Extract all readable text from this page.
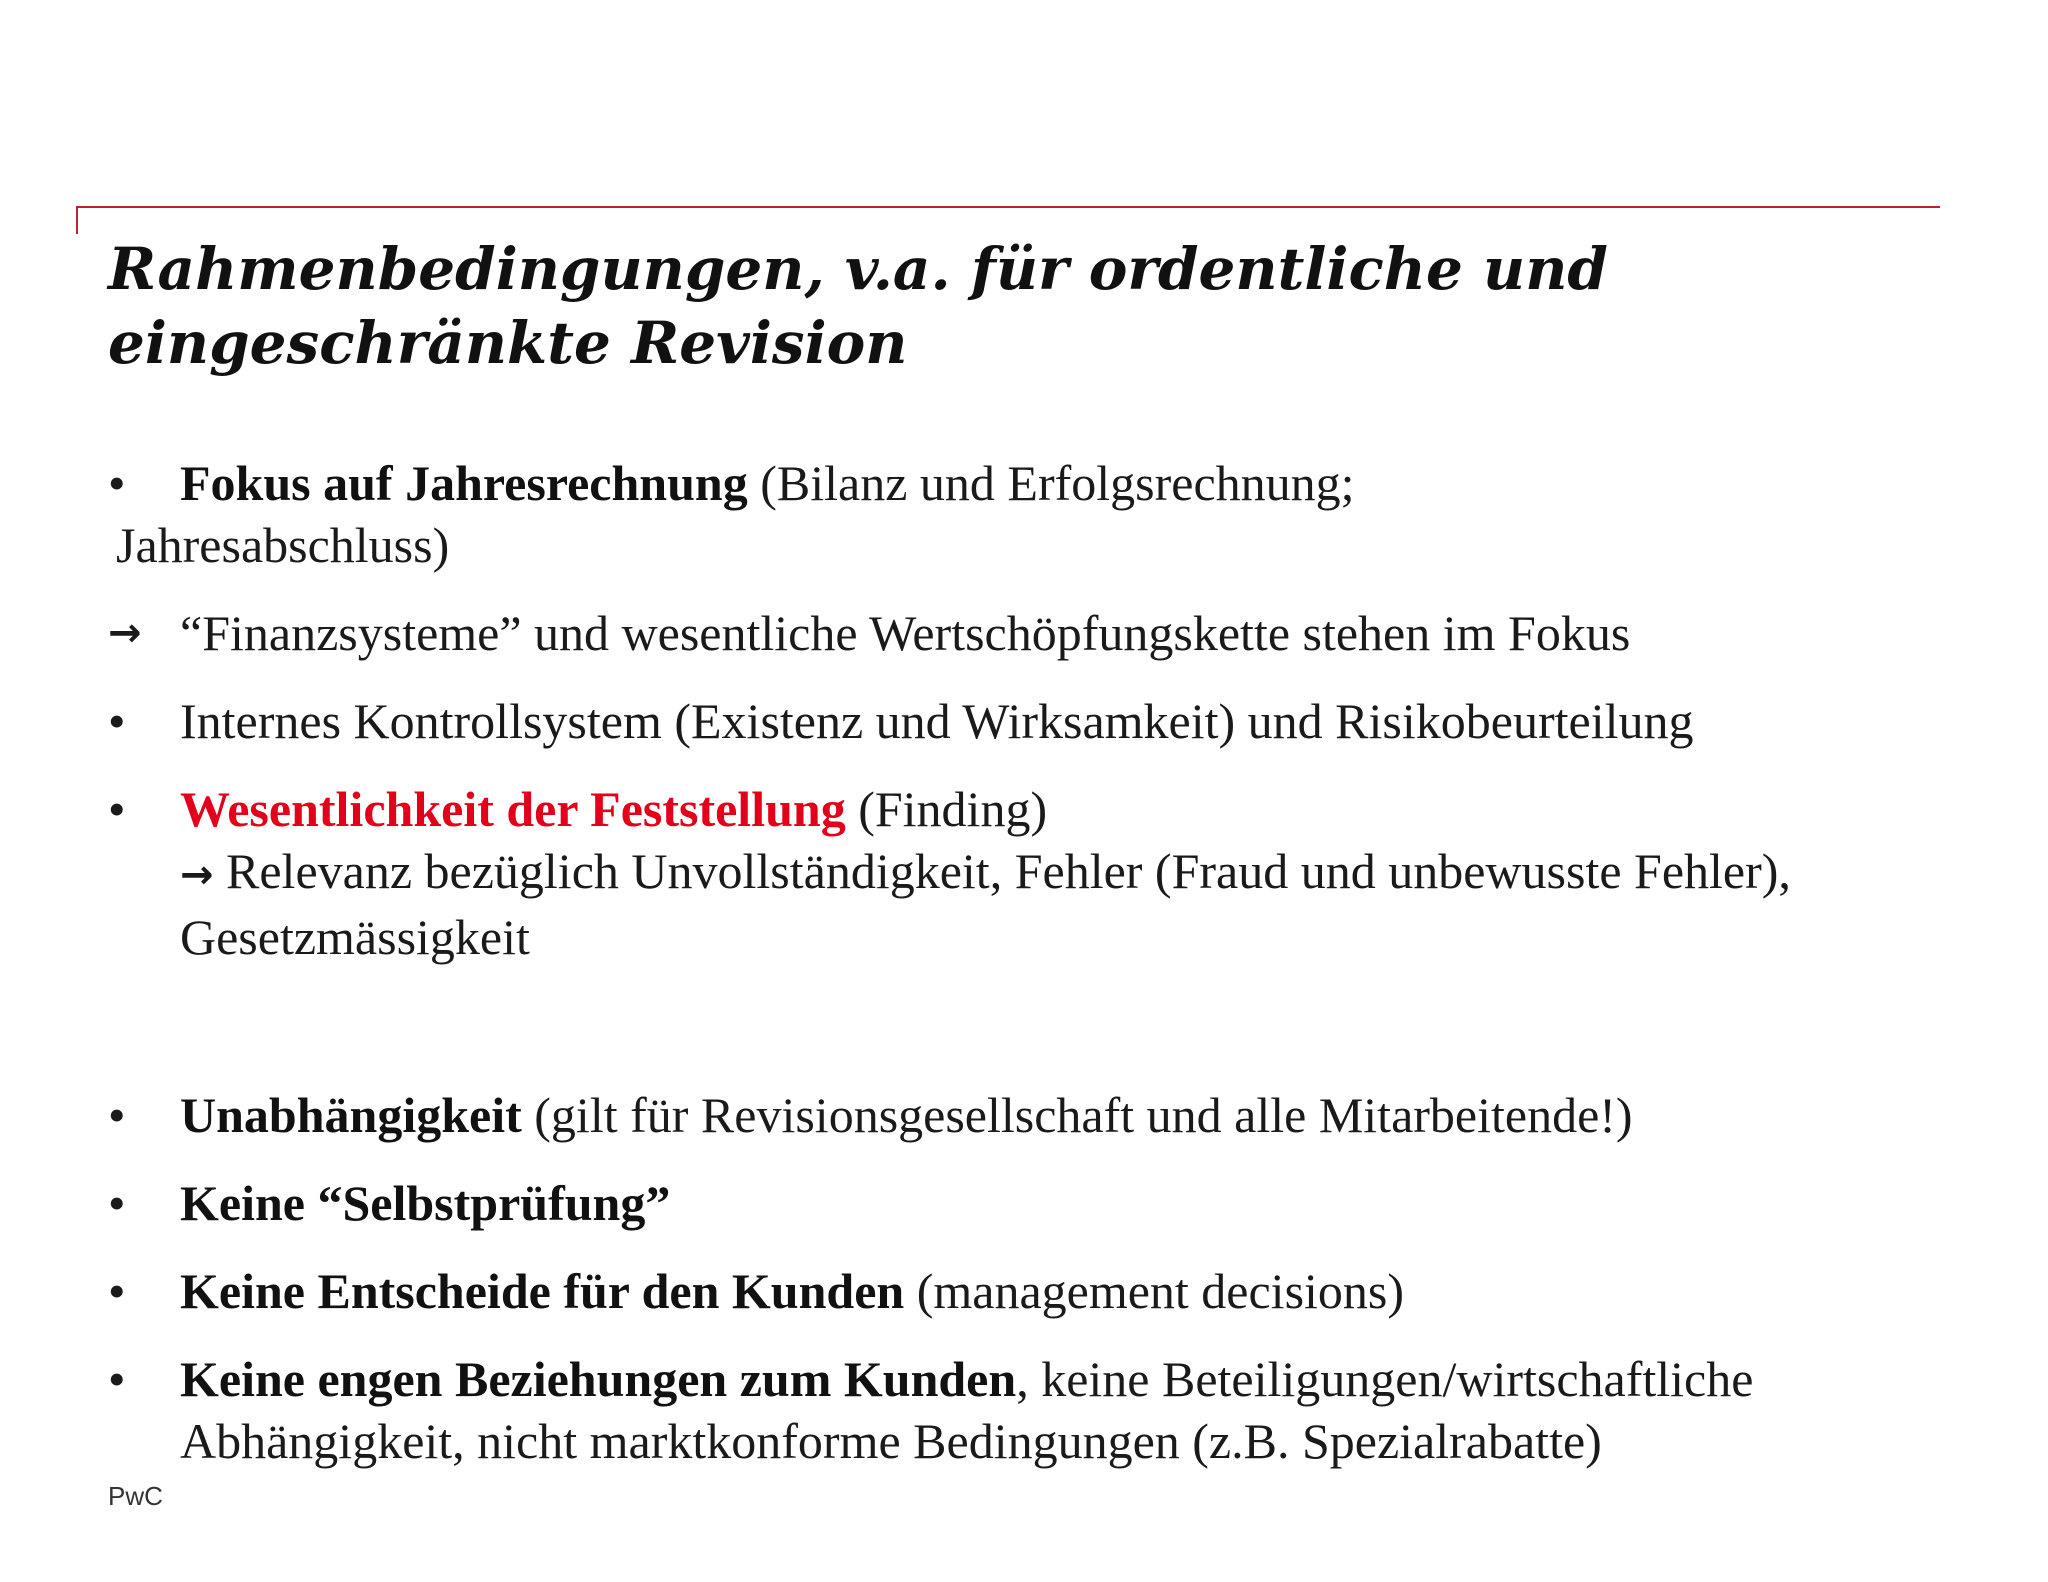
Rahmenbedingungen, v.a. für ordentliche und
eingeschränkte Revision
•	Fokus auf Jahresrechnung (Bilanz und Erfolgsrechnung;
Jahresabschluss)
→ “Finanzsysteme” und wesentliche Wertschöpfungskette stehen im Fokus
•	Internes Kontrollsystem (Existenz und Wirksamkeit) und Risikobeurteilung
•	Wesentlichkeit der Feststellung (Finding)
→ Relevanz bezüglich Unvollständigkeit, Fehler (Fraud und unbewusste Fehler), Gesetzmässigkeit
•	Unabhängigkeit (gilt für Revisionsgesellschaft und alle Mitarbeitende!)
•	Keine “Selbstprüfung”
•	Keine Entscheide für den Kunden (management decisions)
•	Keine engen Beziehungen zum Kunden, keine Beteiligungen/wirtschaftliche Abhängigkeit, nicht marktkonforme Bedingungen (z.B. Spezialrabatte)
PwC
